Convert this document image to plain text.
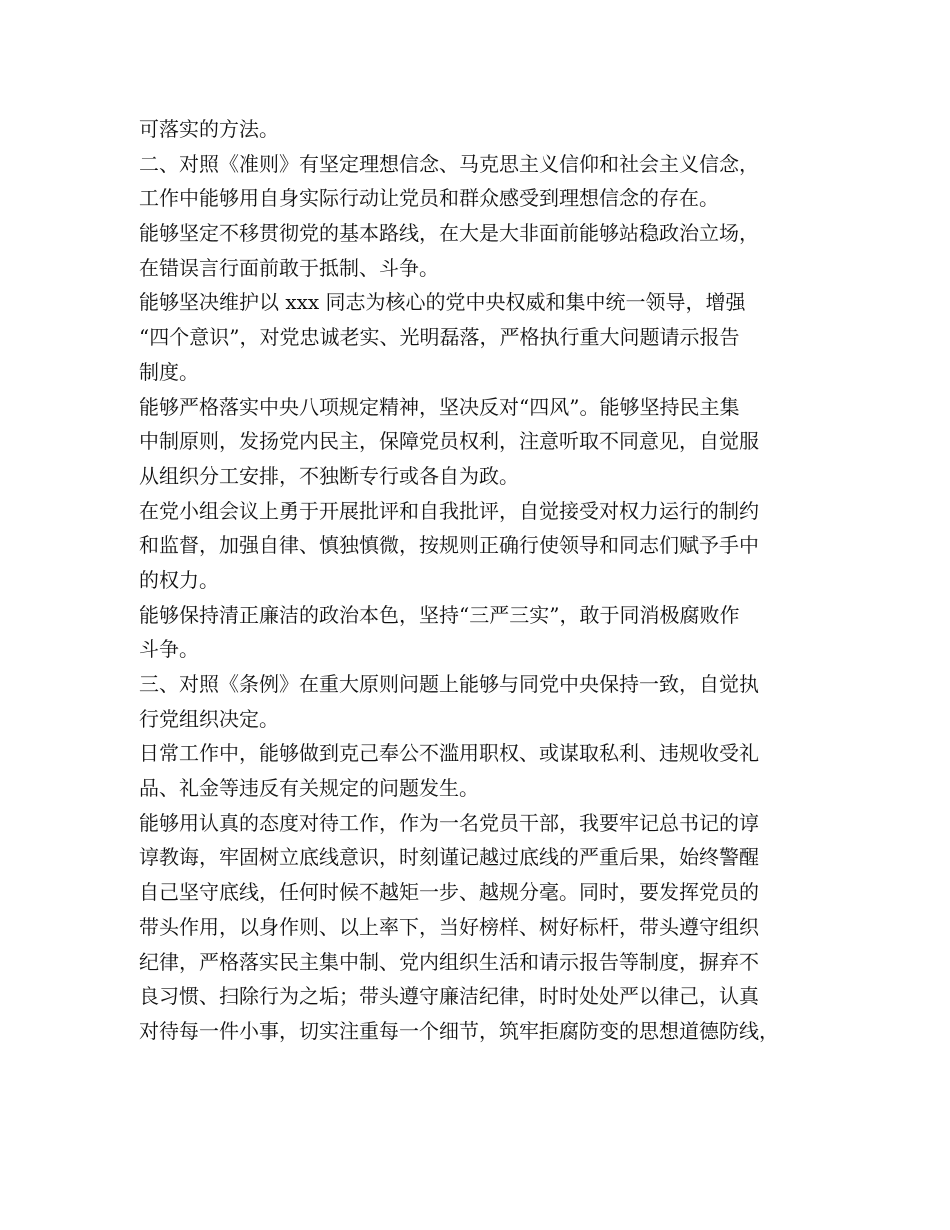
可落实的方法。
二、对照《准则》有坚定理想信念、马克思主义信仰和社会主义信念，
工作中能够用自身实际行动让党员和群众感受到理想信念的存在。
能够坚定不移贯彻党的基本路线，在大是大非面前能够站稳政治立场，
在错误言行面前敢于抵制、斗争。
能够坚决维护以 xxx 同志为核心的党中央权威和集中统一领导，增强
“四个意识”，对党忠诚老实、光明磊落，严格执行重大问题请示报告
制度。
能够严格落实中央八项规定精神，坚决反对“四风”。能够坚持民主集
中制原则，发扬党内民主，保障党员权利，注意听取不同意见，自觉服
从组织分工安排，不独断专行或各自为政。
在党小组会议上勇于开展批评和自我批评，自觉接受对权力运行的制约
和监督，加强自律、慎独慎微，按规则正确行使领导和同志们赋予手中
的权力。
能够保持清正廉洁的政治本色，坚持“三严三实”，敢于同消极腐败作
斗争。
三、对照《条例》在重大原则问题上能够与同党中央保持一致，自觉执
行党组织决定。
日常工作中，能够做到克己奉公不滥用职权、或谋取私利、违规收受礼
品、礼金等违反有关规定的问题发生。
能够用认真的态度对待工作，作为一名党员干部，我要牢记总书记的谆
谆教诲，牢固树立底线意识，时刻谨记越过底线的严重后果，始终警醒
自己坚守底线，任何时候不越矩一步、越规分毫。同时，要发挥党员的
带头作用，以身作则、以上率下，当好榜样、树好标杆，带头遵守组织
纪律，严格落实民主集中制、党内组织生活和请示报告等制度，摒弃不
良习惯、扫除行为之垢；带头遵守廉洁纪律，时时处处严以律己，认真
对待每一件小事，切实注重每一个细节，筑牢拒腐防变的思想道德防线，
